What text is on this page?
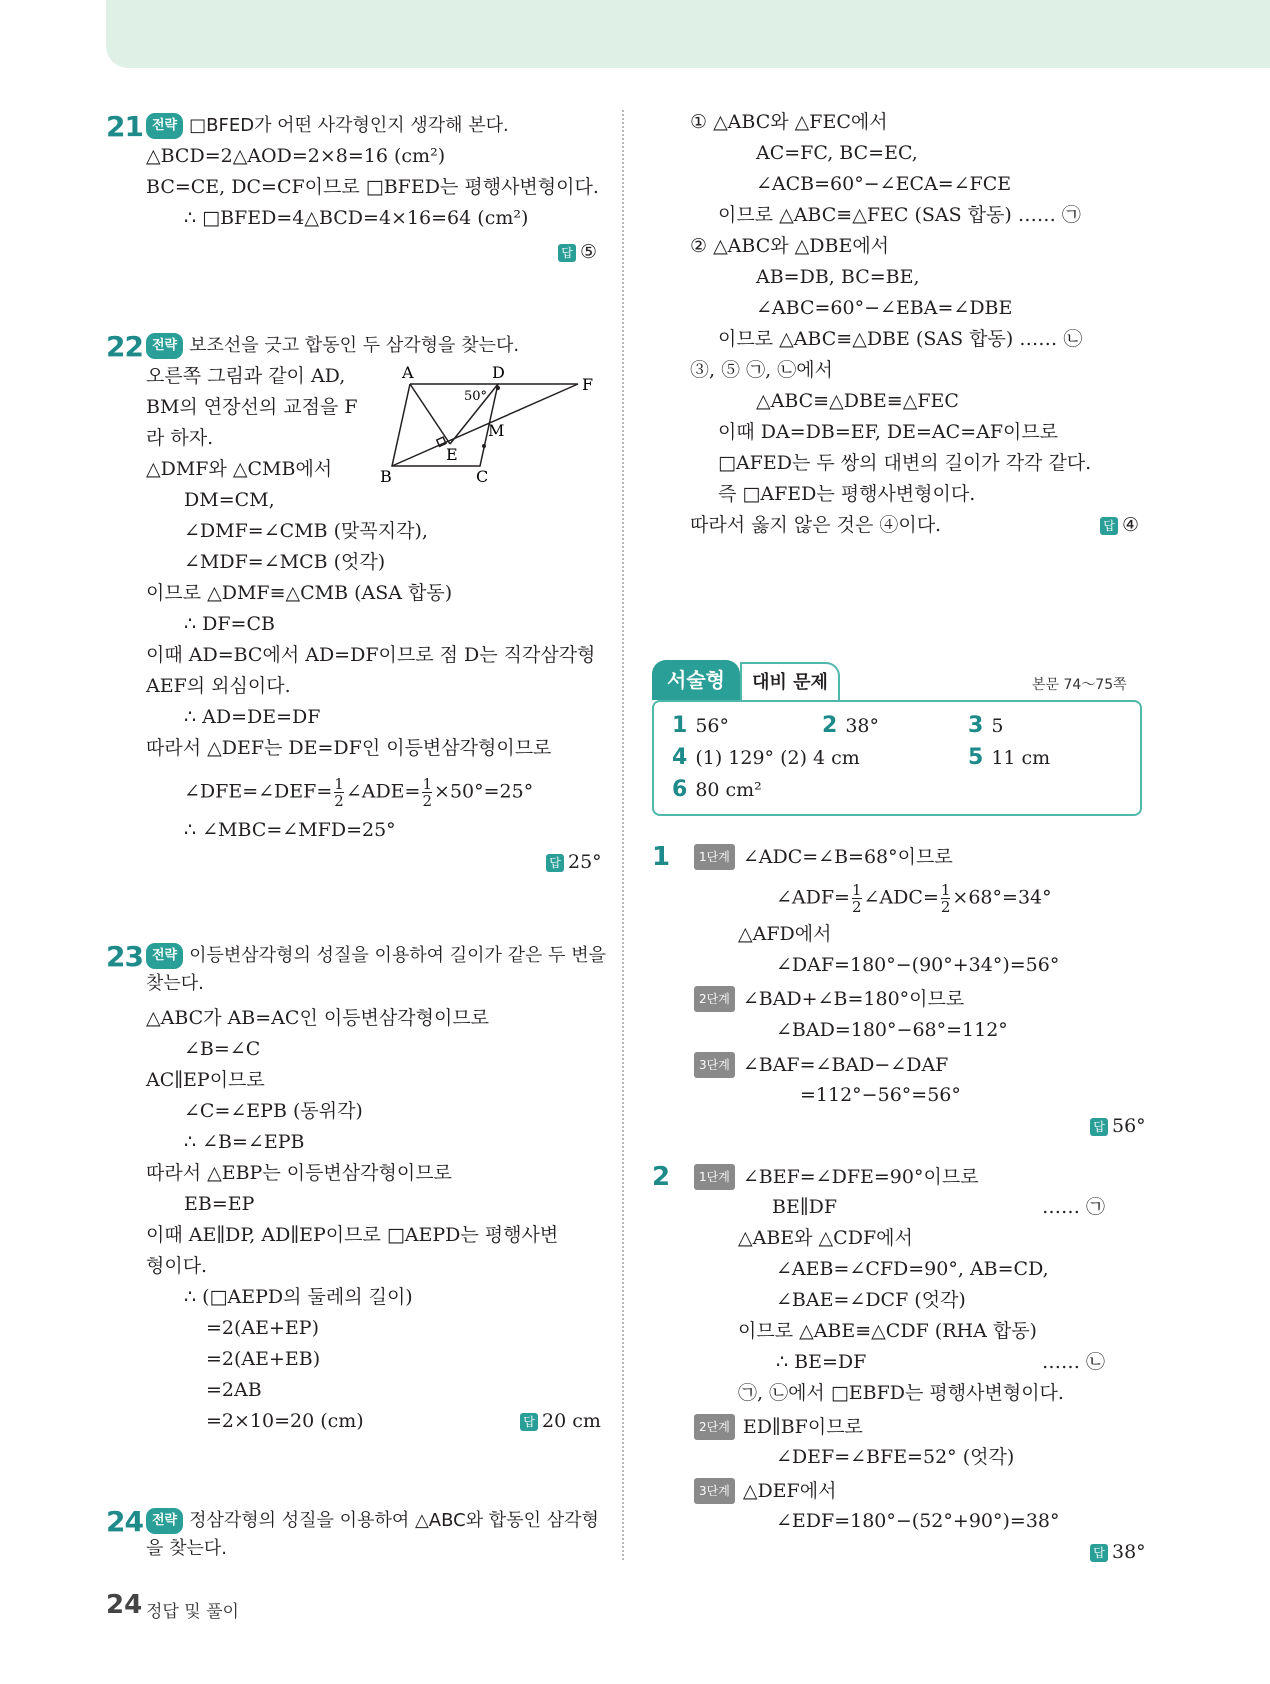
21 전략 □BFED가 어떤 사각형인지 생각해 본다.
△BCD=2△AOD=2×8=16 (cm²)
BC=CE, DC=CF이므로 □BFED는 평행사변형이다.
∴ □BFED=4△BCD=4×16=64 (cm²)
답 ⑤
22 전략 보조선을 긋고 합동인 두 삼각형을 찾는다.
오른쪽 그림과 같이 AD,
BM의 연장선의 교점을 F
라 하자.
△DMF와 △CMB에서
DM=CM,
∠DMF=∠CMB (맞꼭지각),
∠MDF=∠MCB (엇각)
이므로 △DMF≡△CMB (ASA 합동)
∴ DF=CB
이때 AD=BC에서 AD=DF이므로 점 D는 직각삼각형
AEF의 외심이다.
∴ AD=DE=DF
따라서 △DEF는 DE=DF인 이등변삼각형이므로
∠DFE=∠DEF= $\frac{1}{2}$ ∠ADE= $\frac{1}{2} \times 50^\circ=25^\circ$
∴ ∠MBC=∠MFD=25°
답 25°
A	D
F
B	C
E
M
50°
23 전략 이등변삼각형의 성질을 이용하여 길이가 같은 두 변을
찾는다.
△ABC가 AB=AC인 이등변삼각형이므로
∠B=∠C
AC∥EP이므로
∠C=∠EPB (동위각)
∴ ∠B=∠EPB
따라서 △EBP는 이등변삼각형이므로
EB=EP
이때 AE∥DP, AD∥EP이므로 □AEPD는 평행사변
형이다.
∴ (□AEPD의 둘레의 길이)
=2(AE+EP)
=2(AE+EB)
=2AB
=2×10=20 (cm)	답 20 cm
24 전략 정삼각형의 성질을 이용하여 △ABC와 합동인 삼각형
을 찾는다.
24 정답 및 풀이
① △ABC와 △FEC에서
AC=FC, BC=EC,
∠ACB=60°−∠ECA=∠FCE
이므로 △ABC≡△FEC (SAS 합동) …… ㉠
② △ABC와 △DBE에서
AB=DB, BC=BE,
∠ABC=60°−∠EBA=∠DBE
이므로 △ABC≡△DBE (SAS 합동) …… ㉡
③, ⑤ ㉠, ㉡에서
△ABC≡△DBE≡△FEC
이때 DA=DB=EF, DE=AC=AF이므로
□AFED는 두 쌍의 대변의 길이가 각각 같다.
즉 □AFED는 평행사변형이다.
따라서 옳지 않은 것은 ④이다.	답 ④
서술형	대비 문제	본문 74～75쪽
1 56°	2 38°	3 5
4 (1) 129° (2) 4 cm	5 11 cm
6 80 cm²
1	1단계 ∠ADC=∠B=68°이므로
∠ADF= $\frac{1}{2}$ ∠ADC= $\frac{1}{2} \times 68^\circ=34^\circ$
△AFD에서
∠DAF=180°−(90°+34°)=56°
2단계 ∠BAD+∠B=180°이므로
∠BAD=180°−68°=112°
3단계 ∠BAF=∠BAD−∠DAF
=112°−56°=56°
답 56°
2	1단계 ∠BEF=∠DFE=90°이므로
BE∥DF	…… ㉠
△ABE와 △CDF에서
∠AEB=∠CFD=90°, AB=CD,
∠BAE=∠DCF (엇각)
이므로 △ABE≡△CDF (RHA 합동)
∴ BE=DF	…… ㉡
㉠, ㉡에서 □EBFD는 평행사변형이다.
2단계 ED∥BF이므로
∠DEF=∠BFE=52° (엇각)
3단계 △DEF에서
∠EDF=180°−(52°+90°)=38°
답 38°
